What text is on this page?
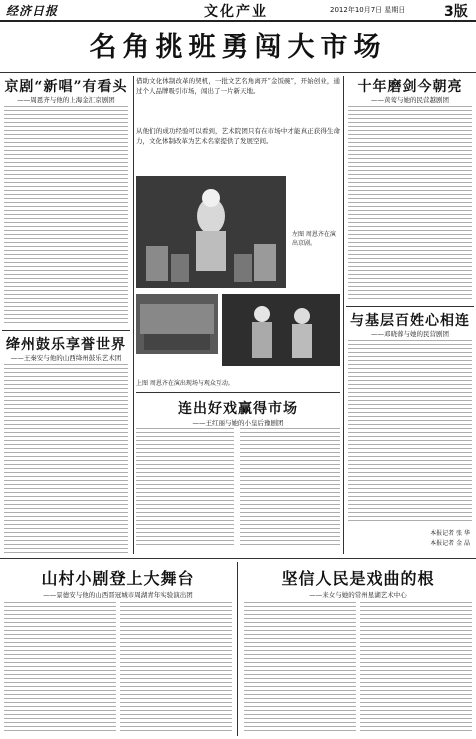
经济日报	文化产业	2012年10月7日 星期日	3版
名角挑班勇闯大市场
京剧“新唱”有看头
——周恩齐与他的上海金汇京剧团
绛州鼓乐享誉世界
——王秦安与他的山西绛州鼓乐艺术团
借助文化体制改革的契机，一批文艺名角离开“金饭碗”，开始创业，通过个人品牌吸引市场，闯出了一片新天地。
从他们的成功经验可以看到，艺术院团只有在市场中才能真正获得生命力，文化体制改革为艺术名家提供了发展空间。
左图 周恩齐在演出京剧。
上图 周恩齐在演出现场与观众互动。
连出好戏赢得市场
——王红丽与她的小皇后豫剧团
十年磨剑今朝亮
——黄莺与她的民营越剧团
与基层百姓心相连
——邓晓蓉与她的民营剧团
本报记者 张 华
本报记者 金 晶
山村小剧登上大舞台
——景德安与他的山西晋冠城市周湖青年实验演出团
坚信人民是戏曲的根
——来女与她的常州星湖艺术中心
